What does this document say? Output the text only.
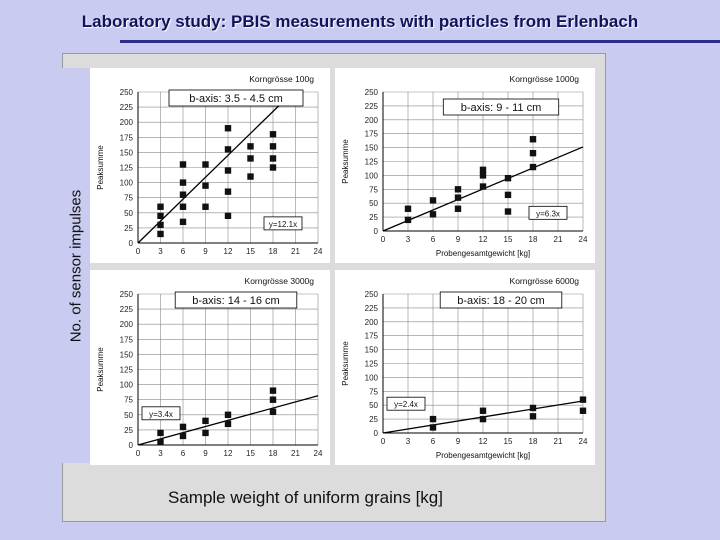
Laboratory study: PBIS measurements with particles from Erlenbach
0
25
50
75
100
125
150
175
200
225
250
0 3 6 9 12 15 18 21 24
Korngrösse 100g
Peaksumme
y=12.1x
b-axis: 3.5 - 4.5 cm
0
25
50
75
100
125
150
175
200
225
250
0	3	6	9 12 15 18 21 24
Korngrösse 1000g
Peaksumme
Probengesamtgewicht [kg]
y=6.3x
b-axis: 9 - 11 cm
0
25
50
75
100
125
150
175
200
225
250
0 3 6 9 12 15 18 21 24
Korngrösse 3000g
Peaksumme
y=3.4x
b-axis: 14 - 16 cm
0
25
50
75
100
125
150
175
200
225
250
0	3	6	9 12 15 18 21 24
Korngrösse 6000g
Peaksumme
Probengesamtgewicht [kg]
y=2.4x
b-axis: 18 - 20 cm
No. of sensor impulses
Sample weight of uniform grains [kg]
